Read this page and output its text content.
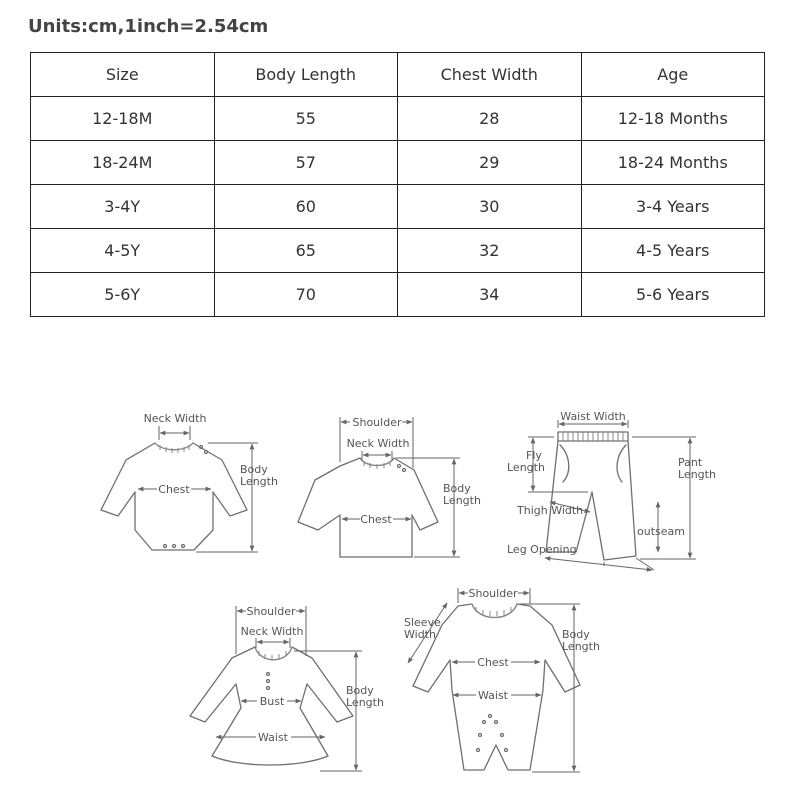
Units:cm,1inch=2.54cm
Size	Body Length	Chest Width	Age
12-18M	55	28	12-18 Months
18-24M	57	29	18-24 Months
3-4Y	60	30	3-4 Years
4-5Y	65	32	4-5 Years
5-6Y	70	34	5-6 Years
Neck Width
Chest
Body
Length
Shoulder
Neck Width
Chest
Body
Length
Waist Width
Fly
Length	Pant
Length
Thigh Width
outseam
Leg Opening
Shoulder
Neck Width
Bust
Waist
Body
Length
Shoulder
Sleeve
Width
Chest
Waist
Body
Length
